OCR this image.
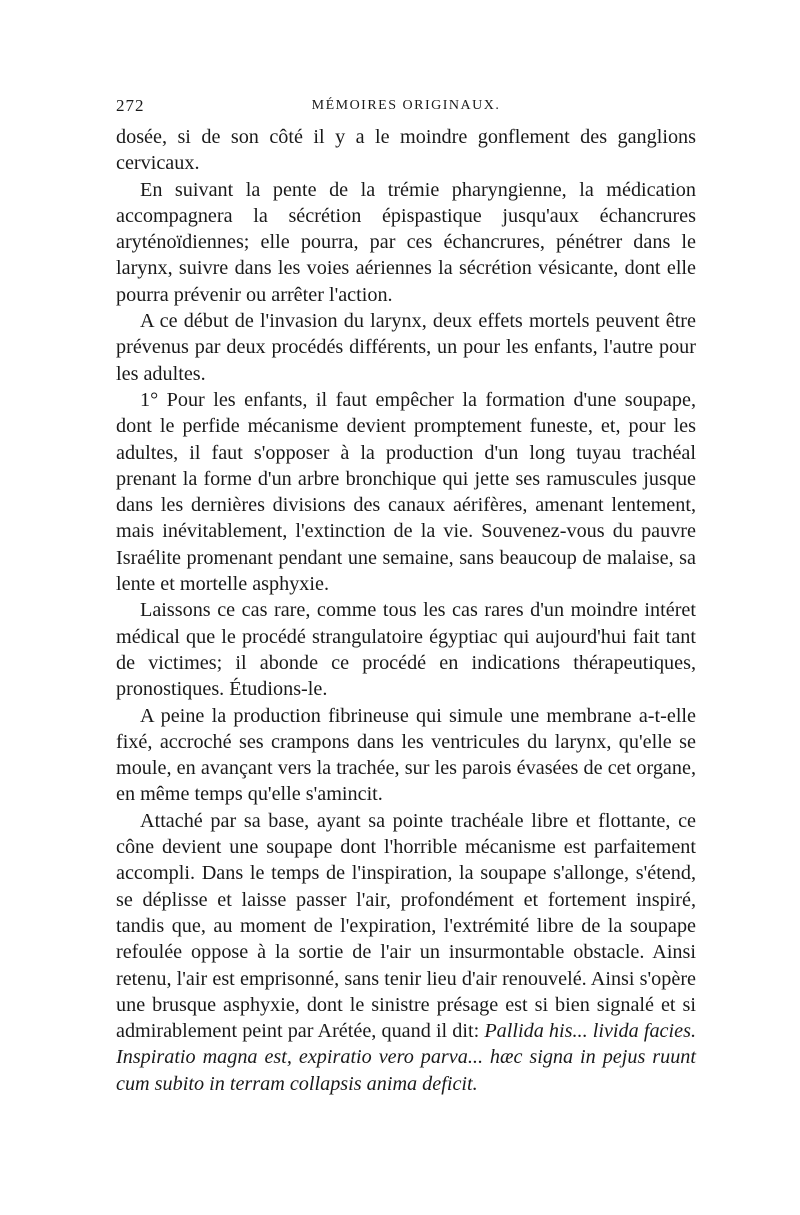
272	MÉMOIRES ORIGINAUX.

dosée, si de son côté il y a le moindre gonflement des ganglions cervicaux.

En suivant la pente de la trémie pharyngienne, la médication accompagnera la sécrétion épispastique jusqu'aux échancrures aryténoïdiennes; elle pourra, par ces échancrures, pénétrer dans le larynx, suivre dans les voies aériennes la sécrétion vésicante, dont elle pourra prévenir ou arrêter l'action.

A ce début de l'invasion du larynx, deux effets mortels peuvent être prévenus par deux procédés différents, un pour les enfants, l'autre pour les adultes.

1° Pour les enfants, il faut empêcher la formation d'une soupape, dont le perfide mécanisme devient promptement funeste, et, pour les adultes, il faut s'opposer à la production d'un long tuyau trachéal prenant la forme d'un arbre bronchique qui jette ses ramuscules jusque dans les dernières divisions des canaux aérifères, amenant lentement, mais inévitablement, l'extinction de la vie. Souvenez-vous du pauvre Israélite promenant pendant une semaine, sans beaucoup de malaise, sa lente et mortelle asphyxie.

Laissons ce cas rare, comme tous les cas rares d'un moindre intéret médical que le procédé strangulatoire égyptiac qui aujourd'hui fait tant de victimes; il abonde ce procédé en indications thérapeutiques, pronostiques. Étudions-le.

A peine la production fibrineuse qui simule une membrane a-t-elle fixé, accroché ses crampons dans les ventricules du larynx, qu'elle se moule, en avançant vers la trachée, sur les parois évasées de cet organe, en même temps qu'elle s'amincit.

Attaché par sa base, ayant sa pointe trachéale libre et flottante, ce cône devient une soupape dont l'horrible mécanisme est parfaitement accompli. Dans le temps de l'inspiration, la soupape s'allonge, s'étend, se déplisse et laisse passer l'air, profondément et fortement inspiré, tandis que, au moment de l'expiration, l'extrémité libre de la soupape refoulée oppose à la sortie de l'air un insurmontable obstacle. Ainsi retenu, l'air est emprisonné, sans tenir lieu d'air renouvelé. Ainsi s'opère une brusque asphyxie, dont le sinistre présage est si bien signalé et si admirablement peint par Arétée, quand il dit: Pallida his... livida facies. Inspiratio magna est, expiratio vero parva... hæc signa in pejus ruunt cum subito in terram collapsis anima deficit.
